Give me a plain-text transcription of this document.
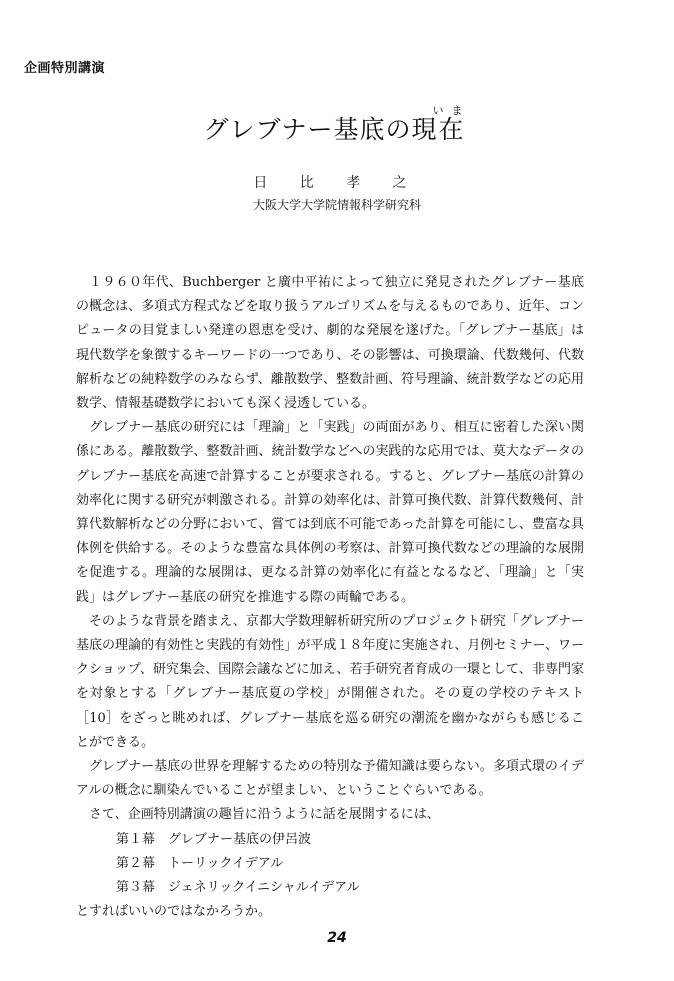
企画特別講演
グレブナー基底の現在いま
日 比 孝 之
大阪大学大学院情報科学研究科

１９６０年代、Buchberger と廣中平祐によって独立に発見されたグレブナー基底の概念は、多項式方程式などを取り扱うアルゴリズムを与えるものであり、近年、コンピュータの目覚ましい発達の恩恵を受け、劇的な発展を遂げた。「グレブナー基底」は現代数学を象徴するキーワードの一つであり、その影響は、可換環論、代数幾何、代数解析などの純粋数学のみならず、離散数学、整数計画、符号理論、統計数学などの応用数学、情報基礎数学においても深く浸透している。

グレブナー基底の研究には「理論」と「実践」の両面があり、相互に密着した深い関係にある。離散数学、整数計画、統計数学などへの実践的な応用では、莫大なデータのグレブナー基底を高速で計算することが要求される。すると、グレブナー基底の計算の効率化に関する研究が刺激される。計算の効率化は、計算可換代数、計算代数幾何、計算代数解析などの分野において、嘗ては到底不可能であった計算を可能にし、豊富な具体例を供給する。そのような豊富な具体例の考察は、計算可換代数などの理論的な展開を促進する。理論的な展開は、更なる計算の効率化に有益となるなど、「理論」と「実践」はグレブナー基底の研究を推進する際の両輪である。

そのような背景を踏まえ、京都大学数理解析研究所のプロジェクト研究「グレブナー基底の理論的有効性と実践的有効性」が平成１８年度に実施され、月例セミナー、ワークショップ、研究集会、国際会議などに加え、若手研究者育成の一環として、非専門家を対象とする「グレブナー基底夏の学校」が開催された。その夏の学校のテキスト［10］をざっと眺めれば、グレブナー基底を巡る研究の潮流を幽かながらも感じることができる。

グレブナー基底の世界を理解するための特別な予備知識は要らない。多項式環のイデアルの概念に馴染んでいることが望ましい、ということぐらいである。

さて、企画特別講演の趣旨に沿うように話を展開するには、

第１幕 グレブナー基底の伊呂波
第２幕 トーリックイデアル
第３幕 ジェネリックイニシャルイデアル
とすればいいのではなかろうか。
24
